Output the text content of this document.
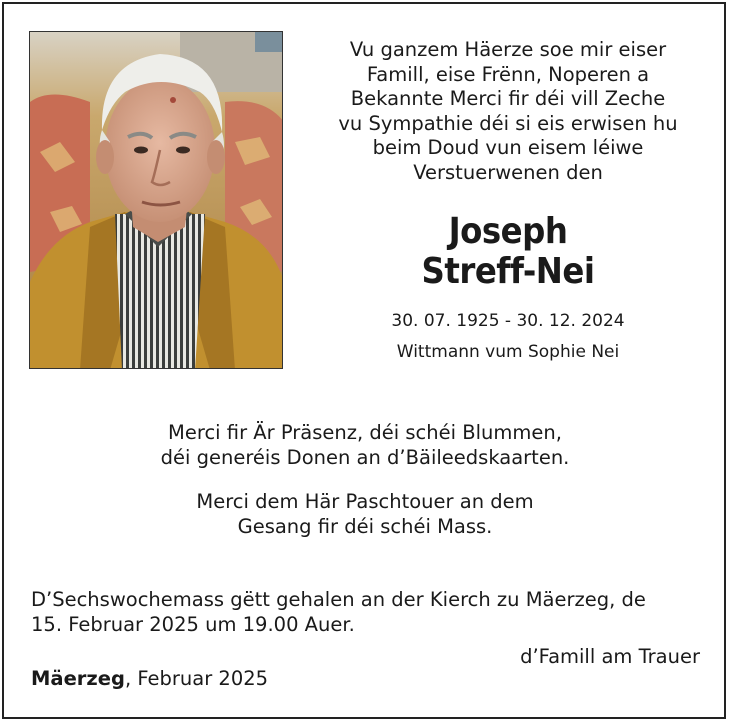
Vu ganzem Häerze soe mir eiser
Famill, eise Frënn, Noperen a
Bekannte Merci fir déi vill Zeche
vu Sympathie déi si eis erwisen hu
beim Doud vun eisem léiwe
Verstuerwenen den
Joseph
Streff-Nei
30. 07. 1925 - 30. 12. 2024
Wittmann vum Sophie Nei
Merci fir Är Präsenz, déi schéi Blummen,
déi generéis Donen an d’Bäileedskaarten.
Merci dem Här Paschtouer an dem
Gesang fir déi schéi Mass.
D’Sechswochemass gëtt gehalen an der Kierch zu Mäerzeg, de
15. Februar 2025 um 19.00 Auer.
d’Famill am Trauer
Mäerzeg, Februar 2025
